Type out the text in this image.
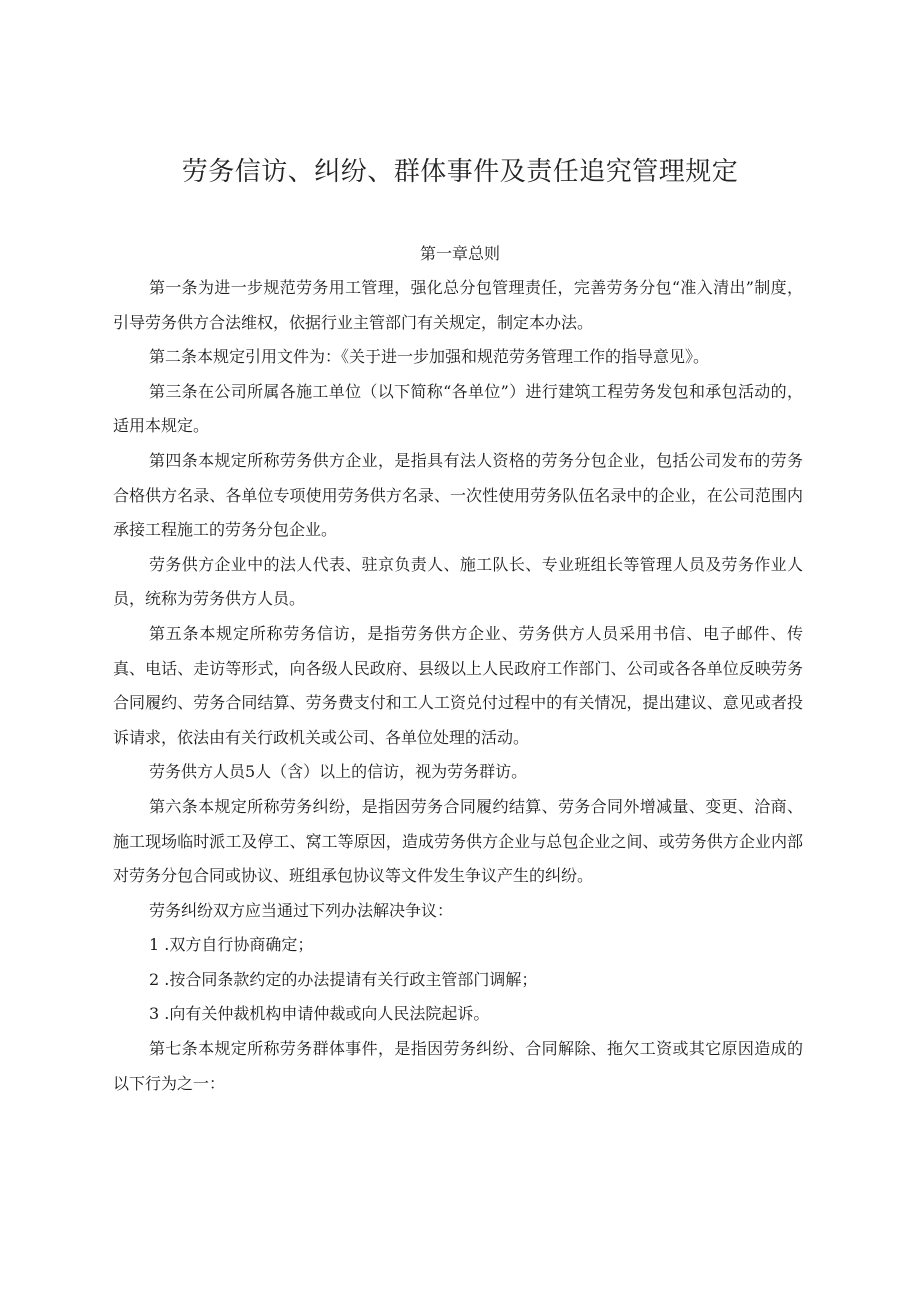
劳务信访、纠纷、群体事件及责任追究管理规定
第一章总则

第一条为进一步规范劳务用工管理，强化总分包管理责任，完善劳务分包“准入清出”制度，引导劳务供方合法维权，依据行业主管部门有关规定，制定本办法。

第二条本规定引用文件为：《关于进一步加强和规范劳务管理工作的指导意见》。

第三条在公司所属各施工单位（以下简称“各单位”）进行建筑工程劳务发包和承包活动的，适用本规定。

第四条本规定所称劳务供方企业，是指具有法人资格的劳务分包企业，包括公司发布的劳务合格供方名录、各单位专项使用劳务供方名录、一次性使用劳务队伍名录中的企业，在公司范围内承接工程施工的劳务分包企业。

劳务供方企业中的法人代表、驻京负责人、施工队长、专业班组长等管理人员及劳务作业人员，统称为劳务供方人员。

第五条本规定所称劳务信访，是指劳务供方企业、劳务供方人员采用书信、电子邮件、传真、电话、走访等形式，向各级人民政府、县级以上人民政府工作部门、公司或各各单位反映劳务合同履约、劳务合同结算、劳务费支付和工人工资兑付过程中的有关情况，提出建议、意见或者投诉请求，依法由有关行政机关或公司、各单位处理的活动。

劳务供方人员5人（含）以上的信访，视为劳务群访。

第六条本规定所称劳务纠纷，是指因劳务合同履约结算、劳务合同外增减量、变更、洽商、施工现场临时派工及停工、窝工等原因，造成劳务供方企业与总包企业之间、或劳务供方企业内部对劳务分包合同或协议、班组承包协议等文件发生争议产生的纠纷。

劳务纠纷双方应当通过下列办法解决争议：

1 .双方自行协商确定；

2 .按合同条款约定的办法提请有关行政主管部门调解；

3 .向有关仲裁机构申请仲裁或向人民法院起诉。

第七条本规定所称劳务群体事件，是指因劳务纠纷、合同解除、拖欠工资或其它原因造成的以下行为之一：
